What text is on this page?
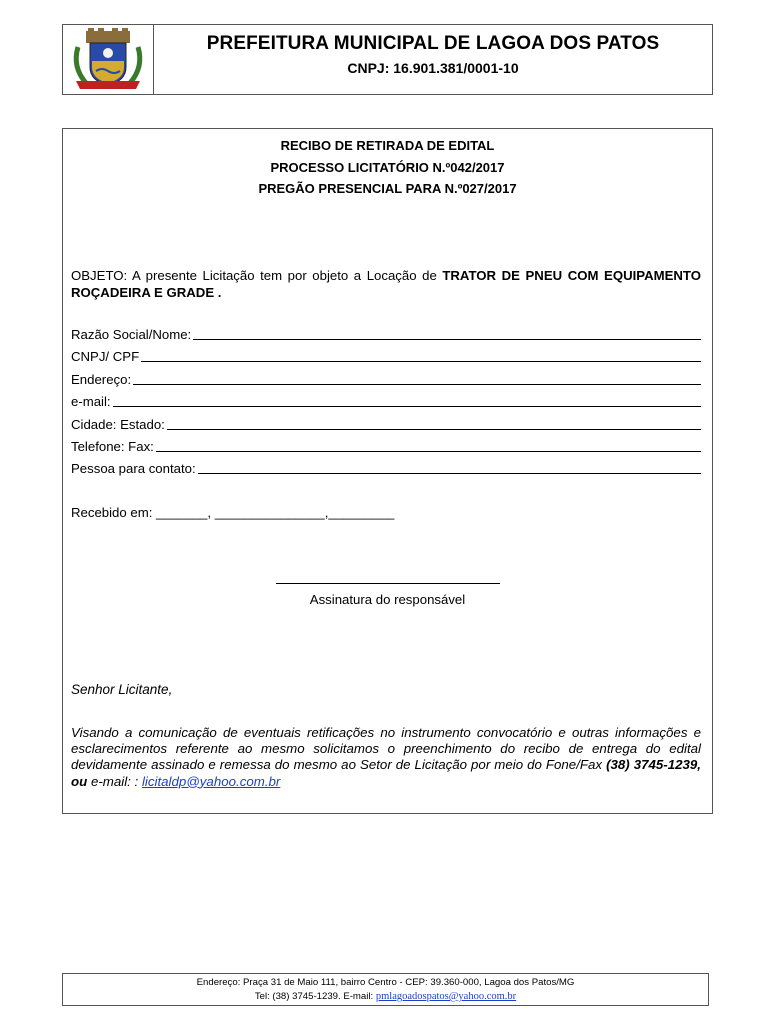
PREFEITURA MUNICIPAL DE LAGOA DOS PATOS
CNPJ: 16.901.381/0001-10
RECIBO DE RETIRADA DE EDITAL
PROCESSO LICITATÓRIO N.º042/2017
PREGÃO PRESENCIAL PARA N.º027/2017
OBJETO: A presente Licitação tem por objeto a Locação de TRATOR DE PNEU COM EQUIPAMENTO ROÇADEIRA E GRADE .
Razão Social/Nome:
CNPJ/ CPF
Endereço:
e-mail:
Cidade: Estado:
Telefone: Fax:
Pessoa para contato:
Recebido em: _______, _______________,_________
Assinatura do responsável
Senhor Licitante,
Visando a comunicação de eventuais retificações no instrumento convocatório e outras informações e esclarecimentos referente ao mesmo solicitamos o preenchimento do recibo de entrega do edital devidamente assinado e remessa do mesmo ao Setor de Licitação por meio do Fone/Fax (38) 3745-1239, ou e-mail: : licitaldp@yahoo.com.br
Endereço: Praça 31 de Maio 111, bairro Centro - CEP: 39.360-000, Lagoa dos Patos/MG
Tel: (38) 3745-1239. E-mail: pmlagoadospatos@yahoo.com.br
